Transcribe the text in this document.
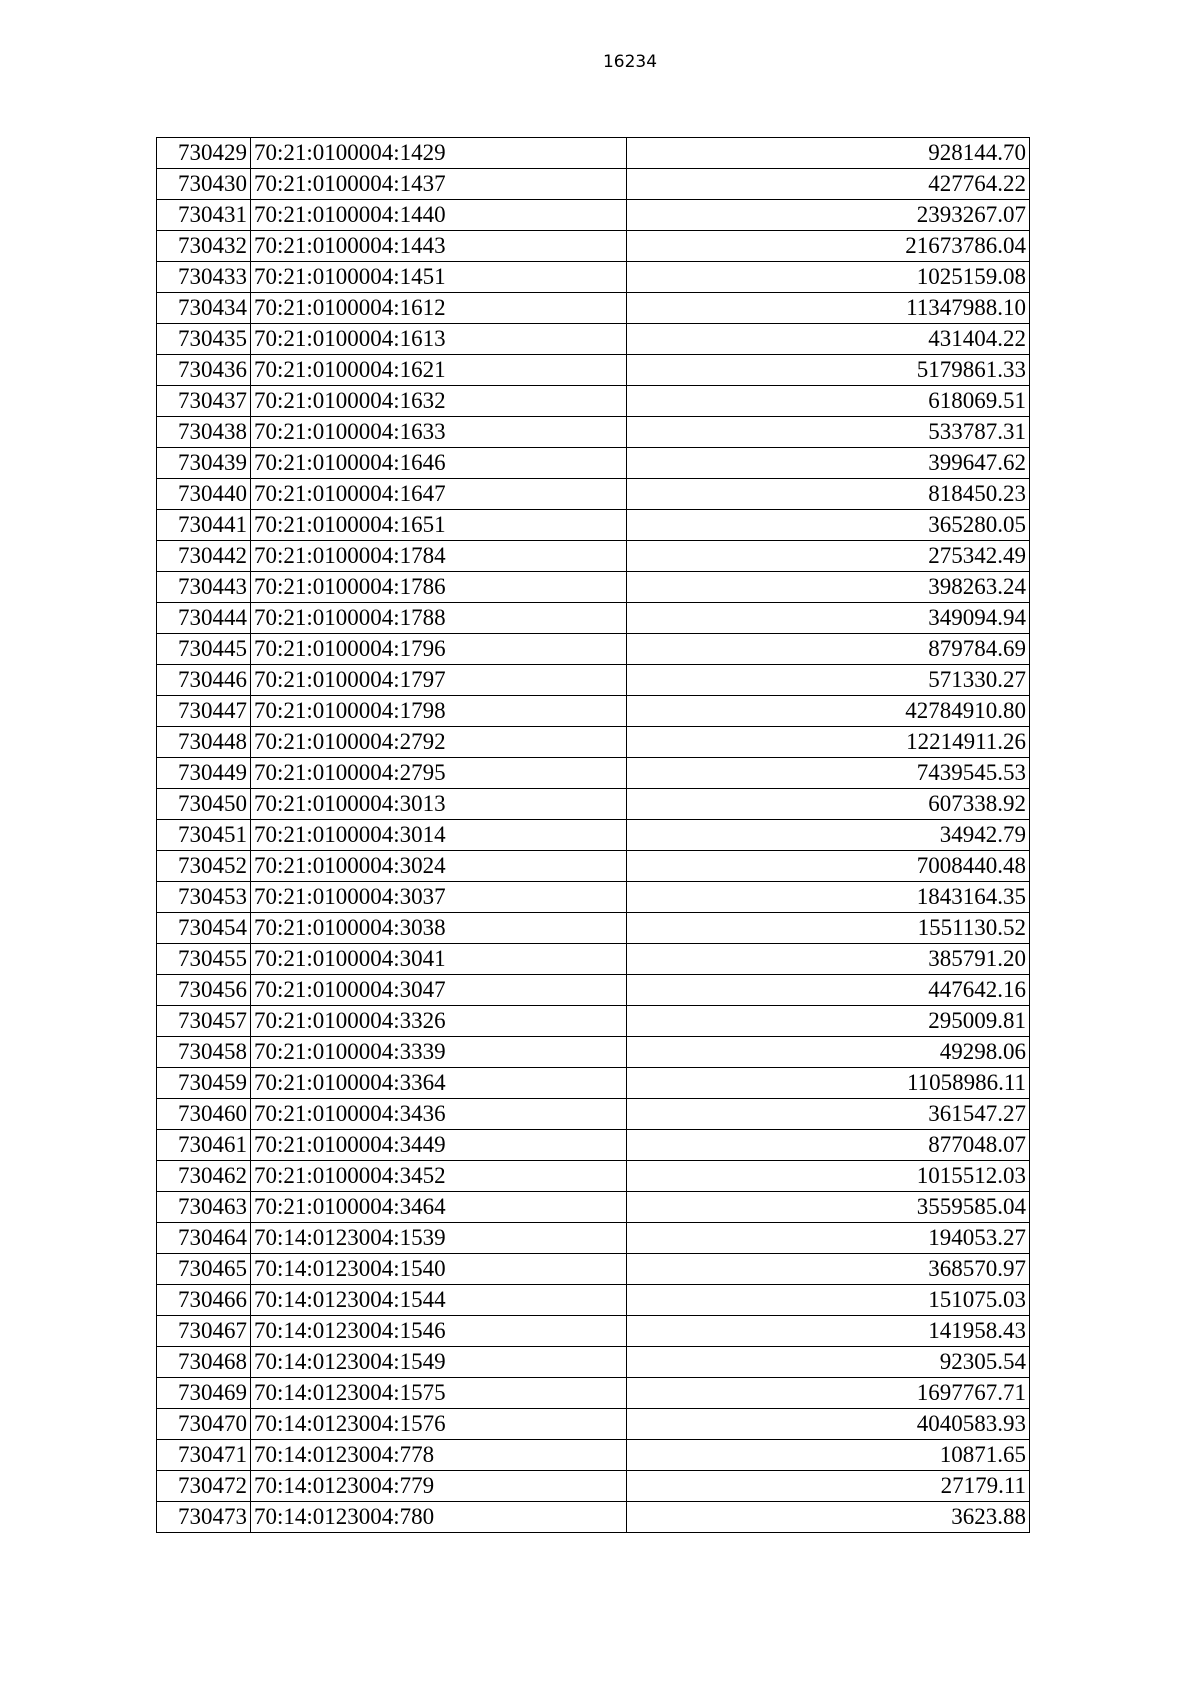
16234
730429	70:21:0100004:1429	928144.70
730430	70:21:0100004:1437	427764.22
730431	70:21:0100004:1440	2393267.07
730432	70:21:0100004:1443	21673786.04
730433	70:21:0100004:1451	1025159.08
730434	70:21:0100004:1612	11347988.10
730435	70:21:0100004:1613	431404.22
730436	70:21:0100004:1621	5179861.33
730437	70:21:0100004:1632	618069.51
730438	70:21:0100004:1633	533787.31
730439	70:21:0100004:1646	399647.62
730440	70:21:0100004:1647	818450.23
730441	70:21:0100004:1651	365280.05
730442	70:21:0100004:1784	275342.49
730443	70:21:0100004:1786	398263.24
730444	70:21:0100004:1788	349094.94
730445	70:21:0100004:1796	879784.69
730446	70:21:0100004:1797	571330.27
730447	70:21:0100004:1798	42784910.80
730448	70:21:0100004:2792	12214911.26
730449	70:21:0100004:2795	7439545.53
730450	70:21:0100004:3013	607338.92
730451	70:21:0100004:3014	34942.79
730452	70:21:0100004:3024	7008440.48
730453	70:21:0100004:3037	1843164.35
730454	70:21:0100004:3038	1551130.52
730455	70:21:0100004:3041	385791.20
730456	70:21:0100004:3047	447642.16
730457	70:21:0100004:3326	295009.81
730458	70:21:0100004:3339	49298.06
730459	70:21:0100004:3364	11058986.11
730460	70:21:0100004:3436	361547.27
730461	70:21:0100004:3449	877048.07
730462	70:21:0100004:3452	1015512.03
730463	70:21:0100004:3464	3559585.04
730464	70:14:0123004:1539	194053.27
730465	70:14:0123004:1540	368570.97
730466	70:14:0123004:1544	151075.03
730467	70:14:0123004:1546	141958.43
730468	70:14:0123004:1549	92305.54
730469	70:14:0123004:1575	1697767.71
730470	70:14:0123004:1576	4040583.93
730471	70:14:0123004:778	10871.65
730472	70:14:0123004:779	27179.11
730473	70:14:0123004:780	3623.88
